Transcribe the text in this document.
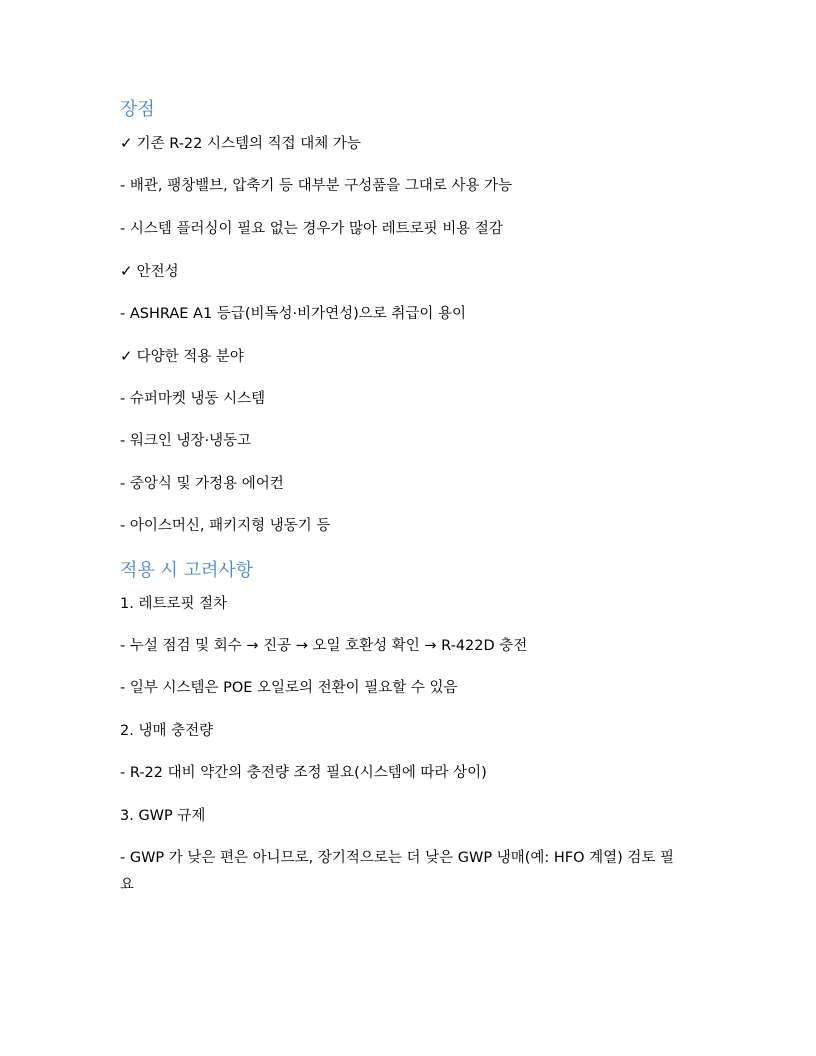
장점
✓ 기존 R-22 시스템의 직접 대체 가능
- 배관, 팽창밸브, 압축기 등 대부분 구성품을 그대로 사용 가능
- 시스템 플러싱이 필요 없는 경우가 많아 레트로핏 비용 절감
✓ 안전성
- ASHRAE A1 등급(비독성·비가연성)으로 취급이 용이
✓ 다양한 적용 분야
- 슈퍼마켓 냉동 시스템
- 워크인 냉장·냉동고
- 중앙식 및 가정용 에어컨
- 아이스머신, 패키지형 냉동기 등
적용 시 고려사항
1. 레트로핏 절차
- 누설 점검 및 회수 → 진공 → 오일 호환성 확인 → R-422D 충전
- 일부 시스템은 POE 오일로의 전환이 필요할 수 있음
2. 냉매 충전량
- R-22 대비 약간의 충전량 조정 필요(시스템에 따라 상이)
3. GWP 규제
- GWP 가 낮은 편은 아니므로, 장기적으로는 더 낮은 GWP 냉매(예: HFO 계열) 검토 필요
